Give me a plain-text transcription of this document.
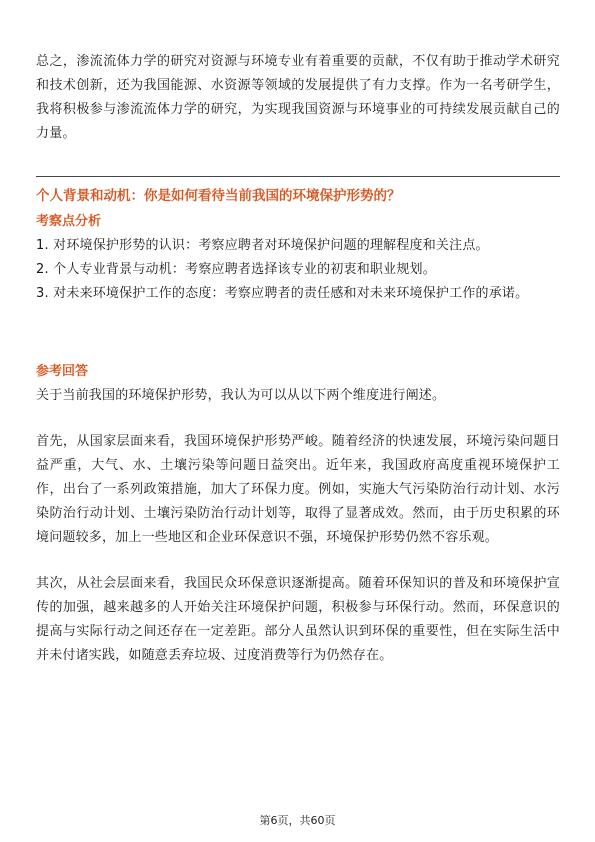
总之，渗流流体力学的研究对资源与环境专业有着重要的贡献，不仅有助于推动学术研究和技术创新，还为我国能源、水资源等领域的发展提供了有力支撑。作为一名考研学生，我将积极参与渗流流体力学的研究，为实现我国资源与环境事业的可持续发展贡献自己的力量。

个人背景和动机：你是如何看待当前我国的环境保护形势的？
考察点分析

1. 对环境保护形势的认识：考察应聘者对环境保护问题的理解程度和关注点。

2. 个人专业背景与动机：考察应聘者选择该专业的初衷和职业规划。

3. 对未来环境保护工作的态度：考察应聘者的责任感和对未来环境保护工作的承诺。

参考回答

关于当前我国的环境保护形势，我认为可以从以下两个维度进行阐述。

首先，从国家层面来看，我国环境保护形势严峻。随着经济的快速发展，环境污染问题日益严重，大气、水、土壤污染等问题日益突出。近年来，我国政府高度重视环境保护工作，出台了一系列政策措施，加大了环保力度。例如，实施大气污染防治行动计划、水污染防治行动计划、土壤污染防治行动计划等，取得了显著成效。然而，由于历史积累的环境问题较多，加上一些地区和企业环保意识不强，环境保护形势仍然不容乐观。

其次，从社会层面来看，我国民众环保意识逐渐提高。随着环保知识的普及和环境保护宣传的加强，越来越多的人开始关注环境保护问题，积极参与环保行动。然而，环保意识的提高与实际行动之间还存在一定差距。部分人虽然认识到环保的重要性，但在实际生活中并未付诸实践，如随意丢弃垃圾、过度消费等行为仍然存在。

第6页，共60页
